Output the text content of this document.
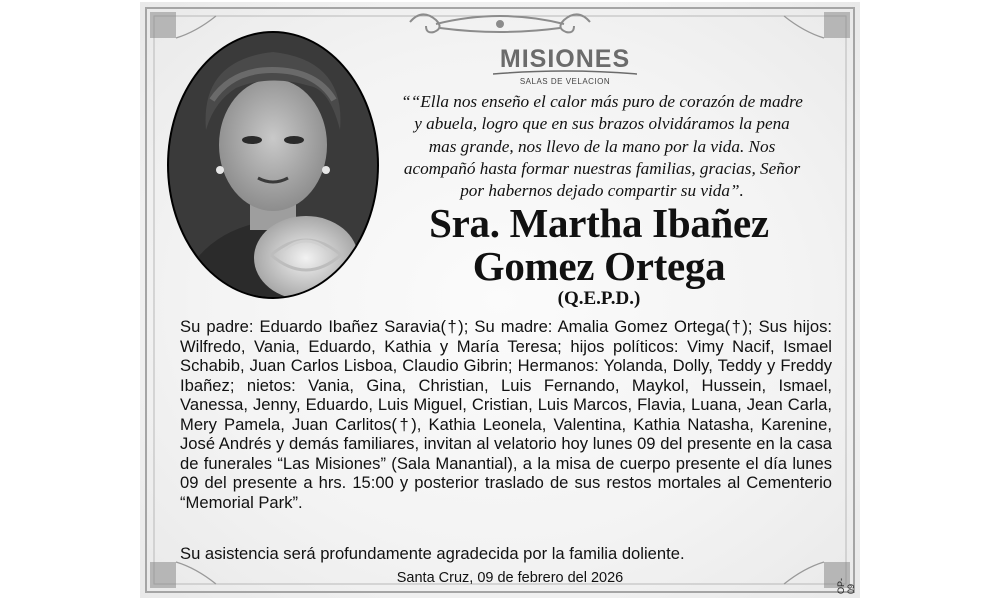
MISIONES
SALAS DE VELACION
““Ella nos enseño el calor más puro de corazón de madre
y abuela, logro que en sus brazos olvidáramos la pena
mas grande, nos llevo de la mano por la vida. Nos
acompañó hasta formar nuestras familias, gracias, Señor
por habernos dejado compartir su vida”.
Sra. Martha Ibañez
Gomez Ortega
(Q.E.P.D.)

Su padre: Eduardo Ibañez Saravia(†); Su madre: Amalia Gomez Ortega(†); Sus hijos: Wilfredo, Vania, Eduardo, Kathia y María Teresa; hijos políticos: Vimy Nacif, Ismael Schabib, Juan Carlos Lisboa, Claudio Gibrin; Hermanos: Yolanda, Dolly, Teddy y Freddy Ibañez; nietos: Vania, Gina, Christian, Luis Fernando, Maykol, Hussein, Ismael, Vanessa, Jenny, Eduardo, Luis Miguel, Cristian, Luis Marcos, Flavia, Luana, Jean Carla, Mery Pamela, Juan Carlitos(†), Kathia Leonela, Valentina, Kathia Natasha, Karenine, José Andrés y demás familiares, invitan al velatorio hoy lunes 09 del presente en la casa de funerales “Las Misiones” (Sala Manantial), a la misa de cuerpo presente el día lunes 09 del presente a hrs. 15:00 y posterior traslado de sus restos mortales al Cementerio “Memorial Park”.

Su asistencia será profundamente agradecida por la familia doliente.
Santa Cruz, 09 de febrero del 2026	OP-09
